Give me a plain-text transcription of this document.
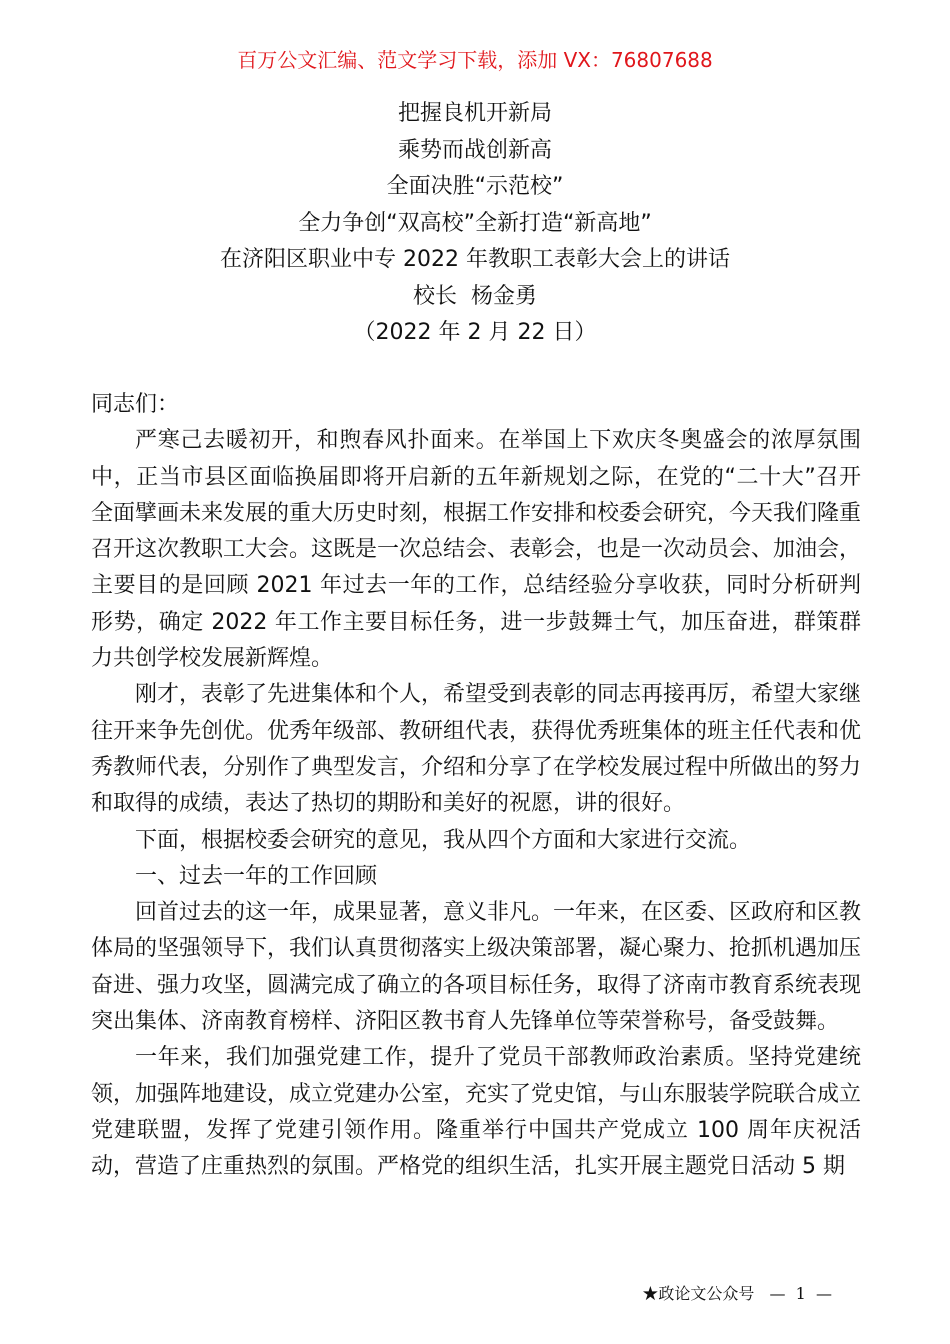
百万公文汇编、范文学习下载，添加 VX：76807688
把握良机开新局
乘势而战创新高
全面决胜“示范校”
全力争创“双高校”全新打造“新高地”
在济阳区职业中专 2022 年教职工表彰大会上的讲话
校长  杨金勇
（2022 年 2 月 22 日）

同志们：

严寒己去暖初开，和煦春风扑面来。在举国上下欢庆冬奥盛会的浓厚氛围中，正当市县区面临换届即将开启新的五年新规划之际，在党的“二十大”召开全面擘画未来发展的重大历史时刻，根据工作安排和校委会研究，今天我们隆重召开这次教职工大会。这既是一次总结会、表彰会，也是一次动员会、加油会，主要目的是回顾 2021 年过去一年的工作，总结经验分享收获，同时分析研判形势，确定 2022 年工作主要目标任务，进一步鼓舞士气，加压奋进，群策群力共创学校发展新辉煌。

刚才，表彰了先进集体和个人，希望受到表彰的同志再接再厉，希望大家继往开来争先创优。优秀年级部、教研组代表，获得优秀班集体的班主任代表和优秀教师代表，分别作了典型发言，介绍和分享了在学校发展过程中所做出的努力和取得的成绩，表达了热切的期盼和美好的祝愿，讲的很好。

下面，根据校委会研究的意见，我从四个方面和大家进行交流。

一、过去一年的工作回顾

回首过去的这一年，成果显著，意义非凡。一年来，在区委、区政府和区教体局的坚强领导下，我们认真贯彻落实上级决策部署，凝心聚力、抢抓机遇加压奋进、强力攻坚，圆满完成了确立的各项目标任务，取得了济南市教育系统表现突出集体、济南教育榜样、济阳区教书育人先锋单位等荣誉称号，备受鼓舞。

一年来，我们加强党建工作，提升了党员干部教师政治素质。坚持党建统领，加强阵地建设，成立党建办公室，充实了党史馆，与山东服装学院联合成立党建联盟，发挥了党建引领作用。隆重举行中国共产党成立 100 周年庆祝活动，营造了庄重热烈的氛围。严格党的组织生活，扎实开展主题党日活动 5 期

★政论文公众号 —  1  —
